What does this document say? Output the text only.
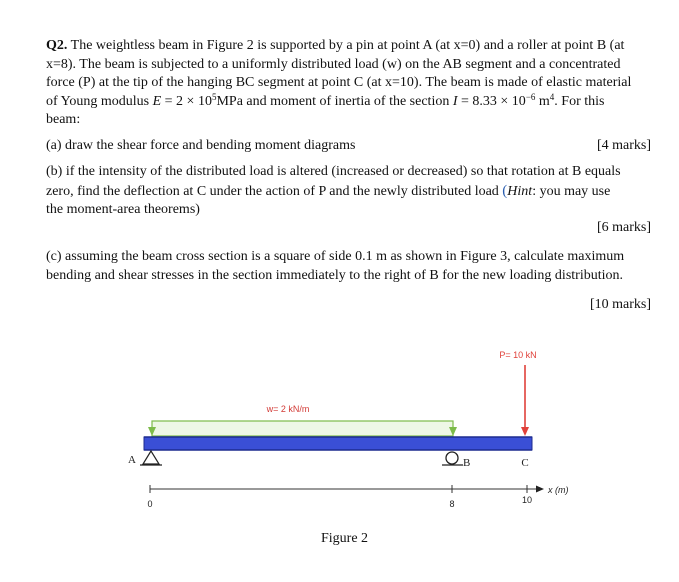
Q2. The weightless beam in Figure 2 is supported by a pin at point A (at x=0) and a roller at point B (at
x=8). The beam is subjected to a uniformly distributed load (w) on the AB segment and a concentrated
force (P) at the tip of the hanging BC segment at point C (at x=10). The beam is made of elastic material
of Young modulus $E = 2 \times 10^5MPa$ and moment of inertia of the section $I = 8.33 \times 10^{-6}$ $m^4$. For this
beam:

(a) draw the shear force and bending moment diagrams	[4 marks]

(b) if the intensity of the distributed load is altered (increased or decreased) so that rotation at B equals
zero, find the deflection at C under the action of P and the newly distributed load (Hint: you may use
the moment-area theorems)

[6 marks]

(c) assuming the beam cross section is a square of side 0.1 m as shown in Figure 3, calculate maximum
bending and shear stresses in the section immediately to the right of B for the new loading distribution.

[10 marks]
P= 10 kN
w= 2 kN/m
A	B	C
x (m)
0	8	10
Figure 2
